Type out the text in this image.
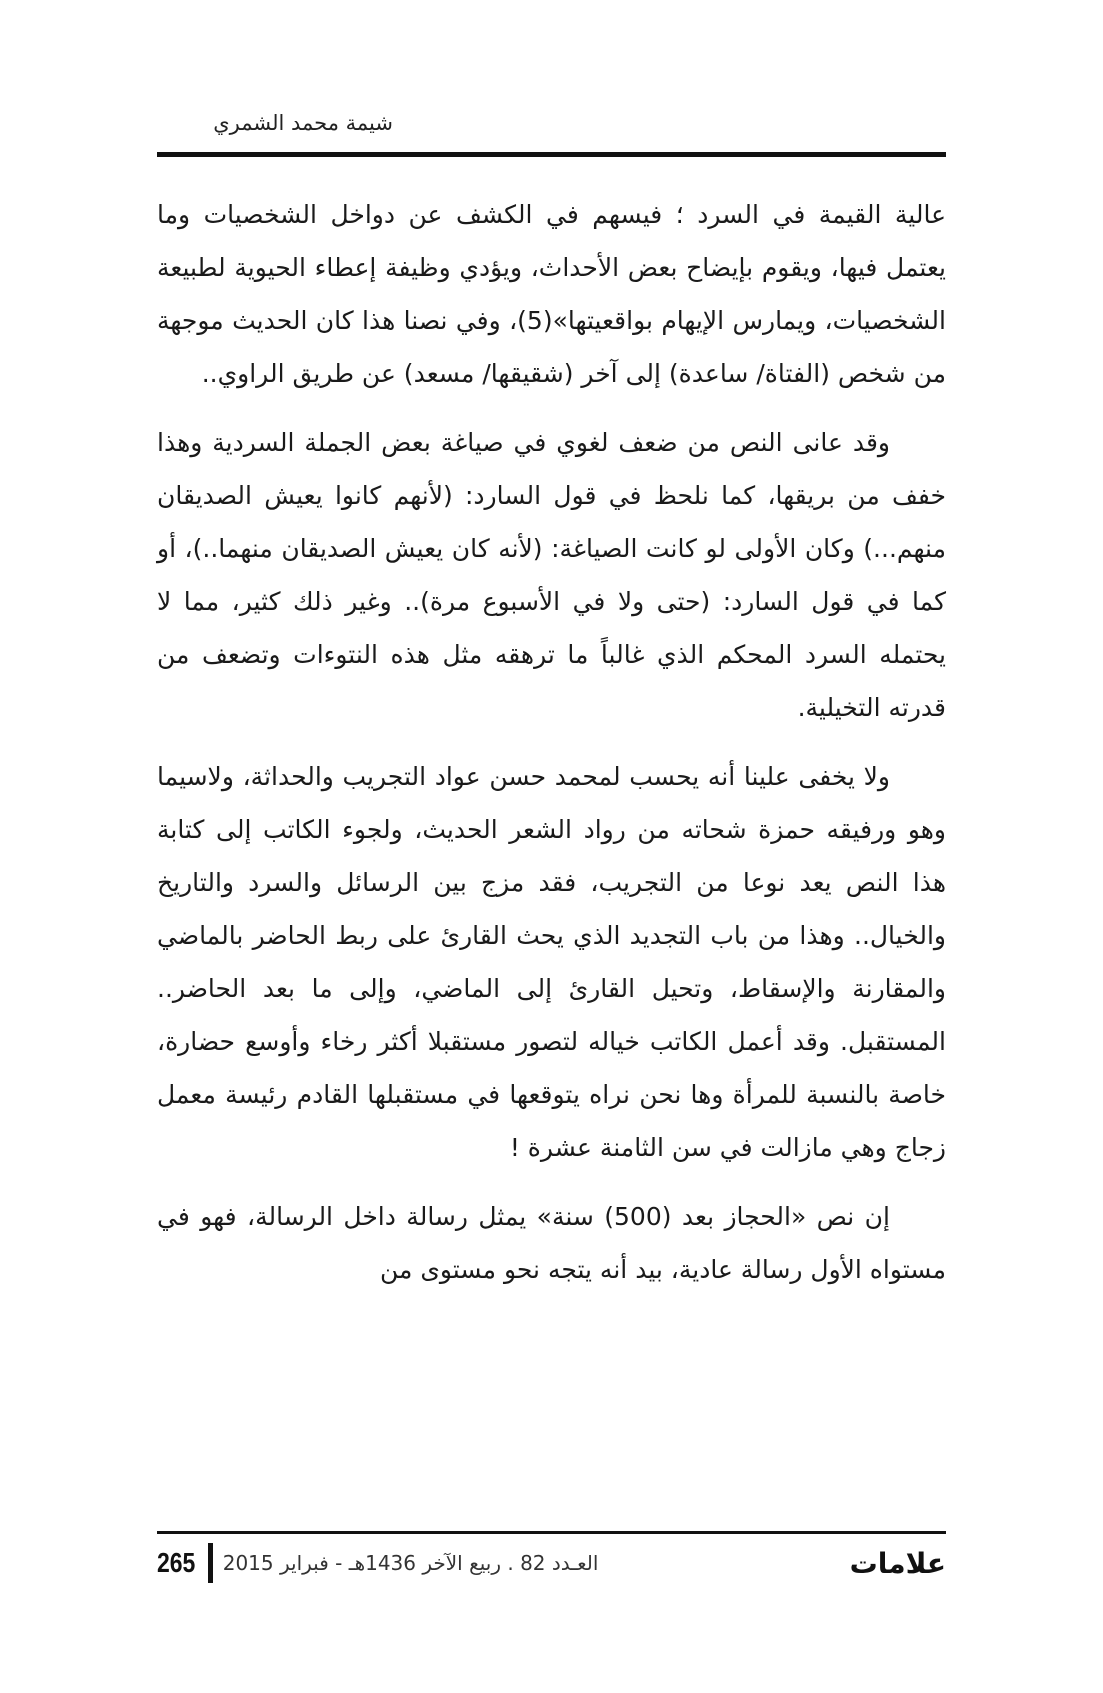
شيمة محمد الشمري

عالية القيمة في السرد ؛ فيسهم في الكشف عن دواخل الشخصيات وما يعتمل فيها، ويقوم بإيضاح بعض الأحداث، ويؤدي وظيفة إعطاء الحيوية لطبيعة الشخصيات، ويمارس الإيهام بواقعيتها»(5)، وفي نصنا هذا كان الحديث موجهة من شخص (الفتاة/ ساعدة) إلى آخر (شقيقها/ مسعد) عن طريق الراوي..

وقد عانى النص من ضعف لغوي في صياغة بعض الجملة السردية وهذا خفف من بريقها، كما نلحظ في قول السارد: (لأنهم كانوا يعيش الصديقان منهم...) وكان الأولى لو كانت الصياغة: (لأنه كان يعيش الصديقان منهما..)، أو كما في قول السارد: (حتى ولا في الأسبوع مرة).. وغير ذلك كثير، مما لا يحتمله السرد المحكم الذي غالباً ما ترهقه مثل هذه النتوءات وتضعف من قدرته التخيلية.

ولا يخفى علينا أنه يحسب لمحمد حسن عواد التجريب والحداثة، ولاسيما وهو ورفيقه حمزة شحاته من رواد الشعر الحديث، ولجوء الكاتب إلى كتابة هذا النص يعد نوعا من التجريب، فقد مزج بين الرسائل والسرد والتاريخ والخيال.. وهذا من باب التجديد الذي يحث القارئ على ربط الحاضر بالماضي والمقارنة والإسقاط، وتحيل القارئ إلى الماضي، وإلى ما بعد الحاضر.. المستقبل. وقد أعمل الكاتب خياله لتصور مستقبلا أكثر رخاء وأوسع حضارة، خاصة بالنسبة للمرأة وها نحن نراه يتوقعها في مستقبلها القادم رئيسة معمل زجاج وهي مازالت في سن الثامنة عشرة !

إن نص «الحجاز بعد (500) سنة» يمثل رسالة داخل الرسالة، فهو في مستواه الأول رسالة عادية، بيد أنه يتجه نحو مستوى من

265 العـدد 82 . ربيع الآخر 1436هـ - فبراير 2015	علامات
